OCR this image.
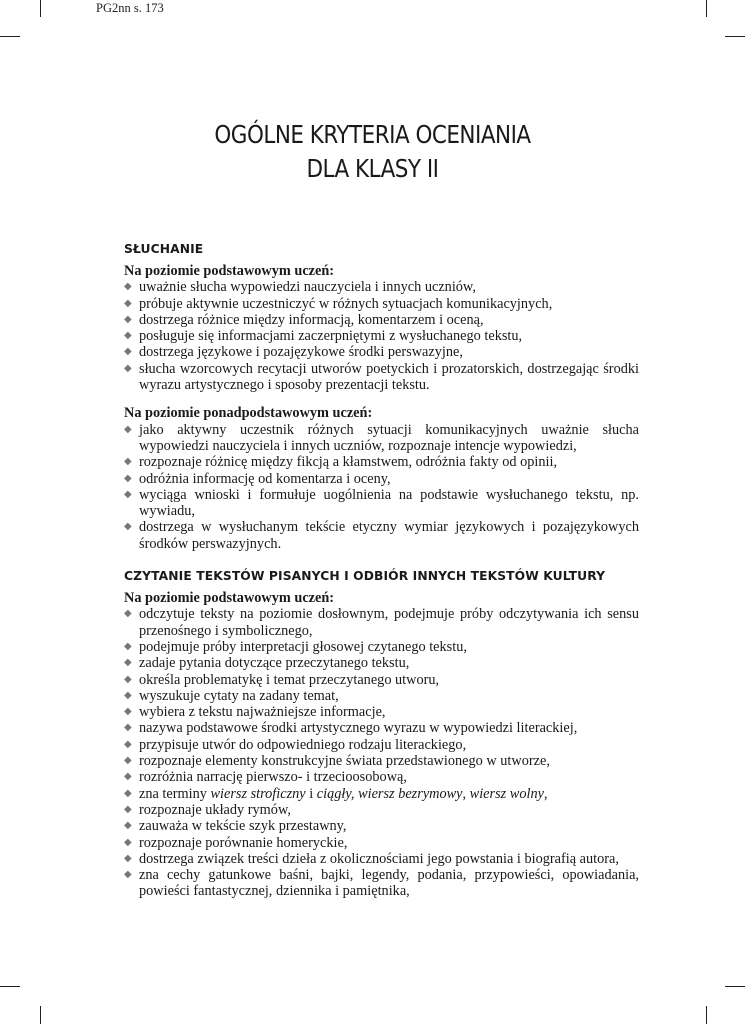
PG2nn s. 173
OGÓLNE KRYTERIA OCENIANIA
DLA KLASY II
SŁUCHANIE
Na poziomie podstawowym uczeń:
◆ uważnie słucha wypowiedzi nauczyciela i innych uczniów,
◆ próbuje aktywnie uczestniczyć w różnych sytuacjach komunikacyjnych,
◆ dostrzega różnice między informacją, komentarzem i oceną,
◆ posługuje się informacjami zaczerpniętymi z wysłuchanego tekstu,
◆ dostrzega językowe i pozajęzykowe środki perswazyjne,
◆ słucha wzorcowych recytacji utworów poetyckich i prozatorskich, dostrzegając środki wyrazu artystycznego i sposoby prezentacji tekstu.
Na poziomie ponadpodstawowym uczeń:
◆ jako aktywny uczestnik różnych sytuacji komunikacyjnych uważnie słucha wypowiedzi nauczyciela i innych uczniów, rozpoznaje intencje wypowiedzi,
◆ rozpoznaje różnicę między fikcją a kłamstwem, odróżnia fakty od opinii,
◆ odróżnia informację od komentarza i oceny,
◆ wyciąga wnioski i formułuje uogólnienia na podstawie wysłuchanego tekstu, np. wywiadu,
◆ dostrzega w wysłuchanym tekście etyczny wymiar językowych i pozajęzykowych środków perswazyjnych.
CZYTANIE TEKSTÓW PISANYCH I ODBIÓR INNYCH TEKSTÓW KULTURY
Na poziomie podstawowym uczeń:
◆ odczytuje teksty na poziomie dosłownym, podejmuje próby odczytywania ich sensu przenośnego i symbolicznego,
◆ podejmuje próby interpretacji głosowej czytanego tekstu,
◆ zadaje pytania dotyczące przeczytanego tekstu,
◆ określa problematykę i temat przeczytanego utworu,
◆ wyszukuje cytaty na zadany temat,
◆ wybiera z tekstu najważniejsze informacje,
◆ nazywa podstawowe środki artystycznego wyrazu w wypowiedzi literackiej,
◆ przypisuje utwór do odpowiedniego rodzaju literackiego,
◆ rozpoznaje elementy konstrukcyjne świata przedstawionego w utworze,
◆ rozróżnia narrację pierwszo- i trzecioosobową,
◆ zna terminy wiersz stroficzny i ciągły, wiersz bezrymowy, wiersz wolny,
◆ rozpoznaje układy rymów,
◆ zauważa w tekście szyk przestawny,
◆ rozpoznaje porównanie homeryckie,
◆ dostrzega związek treści dzieła z okolicznościami jego powstania i biografią autora,
◆ zna cechy gatunkowe baśni, bajki, legendy, podania, przypowieści, opowiadania, powieści fantastycznej, dziennika i pamiętnika,
